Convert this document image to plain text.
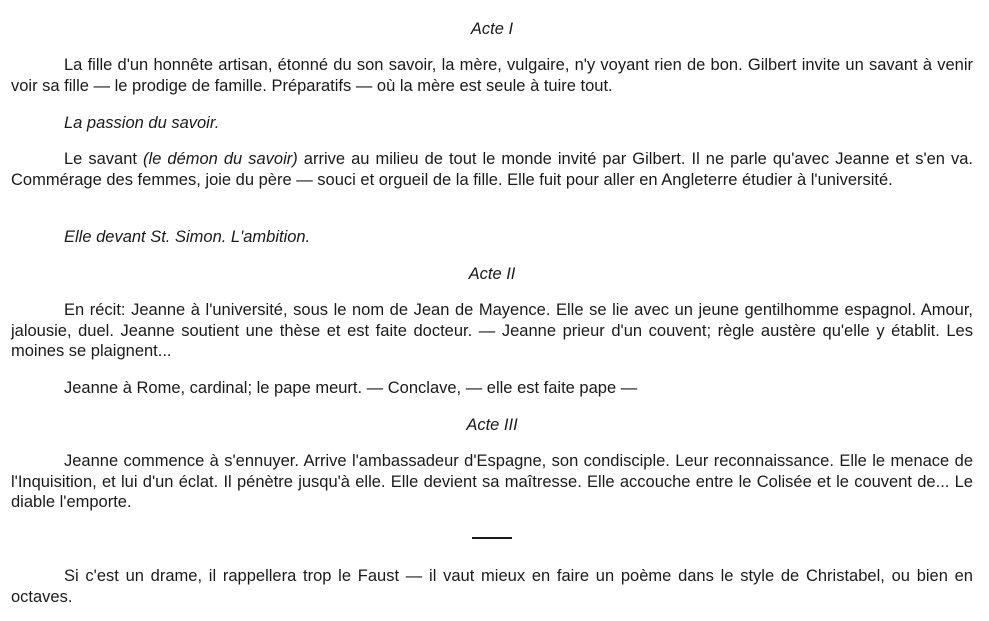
Acte I

La fille d'un honnête artisan, étonné du son savoir, la mère, vulgaire, n'y voyant rien de bon. Gilbert invite un savant à venir voir sa fille — le prodige de famille. Préparatifs — où la mère est seule à tuire tout.

La passion du savoir.

Le savant (le démon du savoir) arrive au milieu de tout le monde invité par Gilbert. Il ne parle qu'avec Jeanne et s'en va. Commérage des femmes, joie du père — souci et orgueil de la fille. Elle fuit pour aller en Angleterre étudier à l'université.

Elle devant St. Simon. L'ambition.

Acte II

En récit: Jeanne à l'université, sous le nom de Jean de Mayence. Elle se lie avec un jeune gentilhomme espagnol. Amour, jalousie, duel. Jeanne soutient une thèse et est faite docteur. — Jeanne prieur d'un couvent; règle austère qu'elle y établit. Les moines se plaignent...

Jeanne à Rome, cardinal; le pape meurt. — Conclave, — elle est faite pape —

Acte III

Jeanne commence à s'ennuyer. Arrive l'ambassadeur d'Espagne, son condisciple. Leur reconnaissance. Elle le menace de l'Inquisition, et lui d'un éclat. Il pénètre jusqu'à elle. Elle devient sa maîtresse. Elle accouche entre le Colisée et le couvent de... Le diable l'emporte.

Si c'est un drame, il rappellera trop le Faust — il vaut mieux en faire un poème dans le style de Christabel, ou bien en octaves.
